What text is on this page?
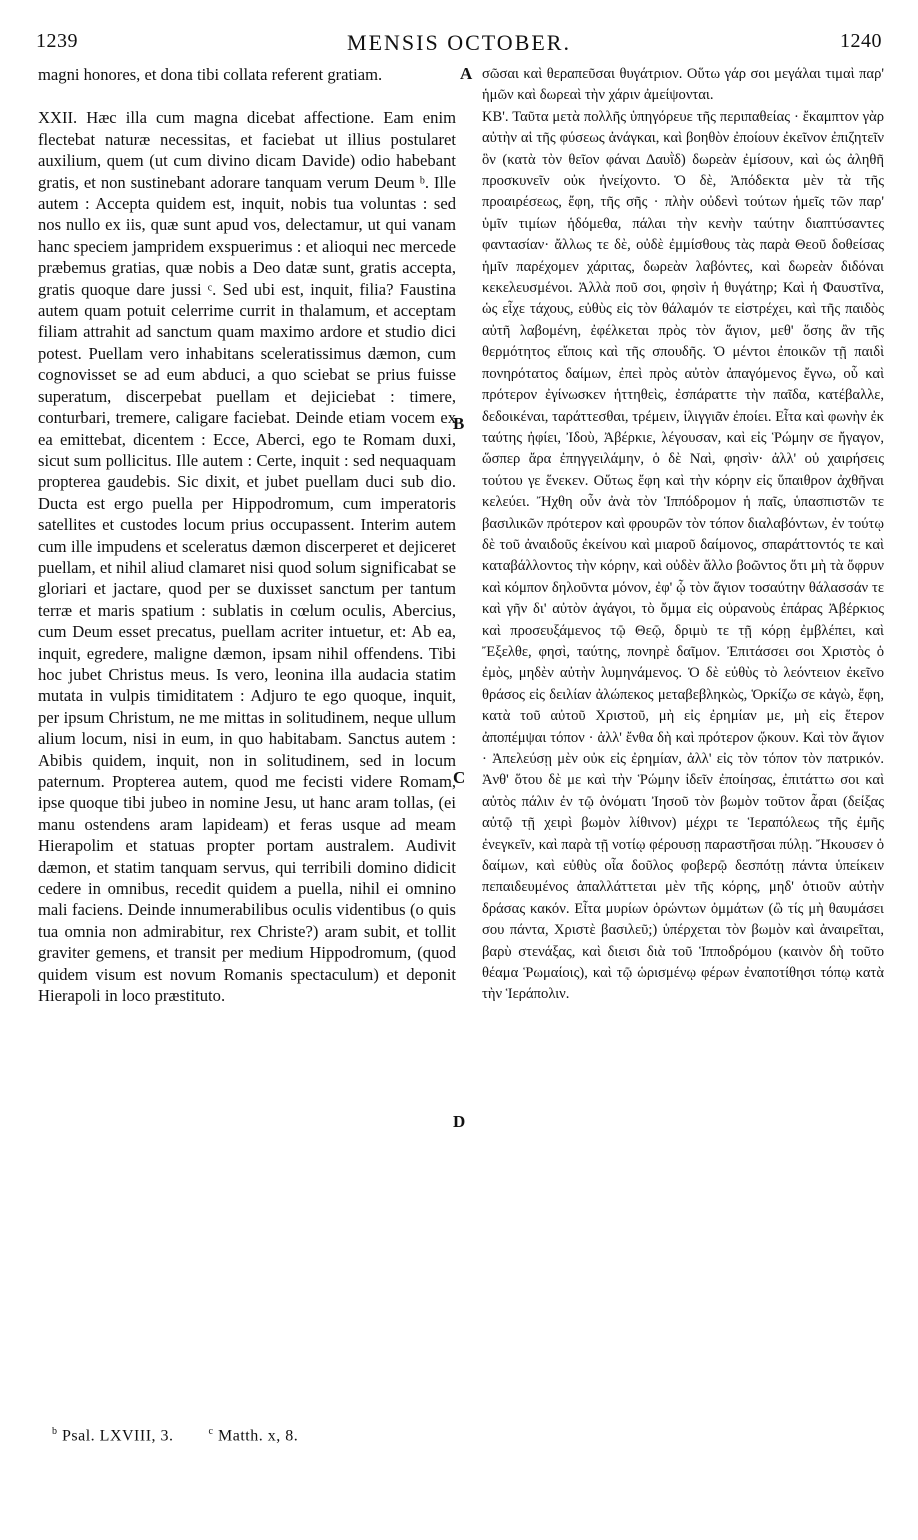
1239	MENSIS OCTOBER.	1240

magni honores, et dona tibi collata referent gratiam.

XXII. Hæc illa cum magna dicebat affectione. Eam enim flectebat naturæ necessitas, et faciebat ut illius postularet auxilium, quem (ut cum divino dicam Davide) odio habebant gratis, et non sustinebant adorare tanquam verum Deum ᵇ. Ille autem : Accepta quidem est, inquit, nobis tua voluntas : sed nos nullo ex iis, quæ sunt apud vos, delectamur, ut qui vanam hanc speciem jampridem exspuerimus : et alioqui nec mercede præbemus gratias, quæ nobis a Deo datæ sunt, gratis accepta, gratis quoque dare jussi ᶜ. Sed ubi est, inquit, filia? Faustina autem quam potuit celerrime currit in thalamum, et acceptam filiam attrahit ad sanctum quam maximo ardore et studio dici potest. Puellam vero inhabitans sceleratissimus dæmon, cum cognovisset se ad eum abduci, a quo sciebat se prius fuisse superatum, discerpebat puellam et dejiciebat : timere, conturbari, tremere, caligare faciebat. Deinde etiam vocem ex ea emittebat, dicentem : Ecce, Aberci, ego te Romam duxi, sicut sum pollicitus. Ille autem : Certe, inquit : sed nequaquam propterea gaudebis. Sic dixit, et jubet puellam duci sub dio. Ducta est ergo puella per Hippodromum, cum imperatoris satellites et custodes locum prius occupassent. Interim autem cum ille impudens et sceleratus dæmon discerperet et dejiceret puellam, et nihil aliud clamaret nisi quod solum significabat se gloriari et jactare, quod per se duxisset sanctum per tantum terræ et maris spatium : sublatis in cœlum oculis, Abercius, cum Deum esset precatus, puellam acriter intuetur, et: Ab ea, inquit, egredere, maligne dæmon, ipsam nihil offendens. Tibi hoc jubet Christus meus. Is vero, leonina illa audacia statim mutata in vulpis timiditatem : Adjuro te ego quoque, inquit, per ipsum Christum, ne me mittas in solitudinem, neque ullum alium locum, nisi in eum, in quo habitabam. Sanctus autem : Abibis quidem, inquit, non in solitudinem, sed in locum paternum. Propterea autem, quod me fecisti videre Romam, ipse quoque tibi jubeo in nomine Jesu, ut hanc aram tollas, (ei manu ostendens aram lapideam) et feras usque ad meam Hierapolim et statuas propter portam australem. Audivit dæmon, et statim tanquam servus, qui terribili domino didicit cedere in omnibus, recedit quidem a puella, nihil ei omnino mali faciens. Deinde innumerabilibus oculis videntibus (o quis tua omnia non admirabitur, rex Christe?) aram subit, et tollit graviter gemens, et transit per medium Hippodromum, (quod quidem visum est novum Romanis spectaculum) et deponit Hierapoli in loco præstituto.

A
B
C
D

σῶσαι καὶ θεραπεῦσαι θυγάτριον. Οὕτω γάρ σοι μεγάλαι τιμαὶ παρ' ἡμῶν καὶ δωρεαὶ τὴν χάριν ἀμείψονται.

ΚΒ'. Ταῦτα μετὰ πολλῆς ὑπηγόρευε τῆς περιπαθείας · ἔκαμπτον γὰρ αὐτὴν αἱ τῆς φύσεως ἀνάγκαι, καὶ βοηθὸν ἐποίουν ἐκεῖνον ἐπιζητεῖν ὃν (κατὰ τὸν θεῖον φάναι Δαυῒδ) δωρεὰν ἐμίσουν, καὶ ὡς ἀληθῆ προσκυνεῖν οὐκ ἠνείχοντο. Ὁ δὲ, Ἀπόδεκτα μὲν τὰ τῆς προαιρέσεως, ἔφη, τῆς σῆς · πλὴν οὐδενὶ τούτων ἡμεῖς τῶν παρ' ὑμῖν τιμίων ἡδόμεθα, πάλαι τὴν κενὴν ταύτην διαπτύσαντες φαντασίαν· ἄλλως τε δὲ, οὐδὲ ἐμμίσθους τὰς παρὰ Θεοῦ δοθείσας ἡμῖν παρέχομεν χάριτας, δωρεὰν λαβόντες, καὶ δωρεὰν διδόναι κεκελευσμένοι. Ἀλλὰ ποῦ σοι, φησὶν ἡ θυγάτηρ; Καὶ ἡ Φαυστῖνα, ὡς εἶχε τάχους, εὐθὺς εἰς τὸν θάλαμόν τε εἰστρέχει, καὶ τῆς παιδὸς αὐτῆ λαβομένη, ἐφέλκεται πρὸς τὸν ἅγιον, μεθ' ὅσης ἂν τῆς θερμότητος εἴποις καὶ τῆς σπουδῆς. Ὁ μέντοι ἐποικῶν τῇ παιδὶ πονηρότατος δαίμων, ἐπεὶ πρὸς αὐτὸν ἀπαγόμενος ἔγνω, οὗ καὶ πρότερον ἐγίνωσκεν ἡττηθεὶς, ἐσπάραττε τὴν παῖδα, κατέβαλλε, δεδοικέναι, ταράττεσθαι, τρέμειν, ἰλιγγιᾶν ἐποίει. Εἶτα καὶ φωνὴν ἐκ ταύτης ἠφίει, Ἰδοὺ, Ἀβέρκιε, λέγουσαν, καὶ εἰς Ῥώμην σε ἤγαγον, ὥσπερ ἄρα ἐπηγγειλάμην, ὁ δὲ Ναὶ, φησὶν· ἀλλ' οὐ χαιρήσεις τούτου γε ἕνεκεν. Οὕτως ἔφη καὶ τὴν κόρην εἰς ὕπαιθρον ἀχθῆναι κελεύει. Ἤχθη οὖν ἀνὰ τὸν Ἱππόδρομον ἡ παῖς, ὑπασπιστῶν τε βασιλικῶν πρότερον καὶ φρουρῶν τὸν τόπον διαλαβόντων, ἐν τούτῳ δὲ τοῦ ἀναιδοῦς ἐκείνου καὶ μιαροῦ δαίμονος, σπαράττοντός τε καὶ καταβάλλοντος τὴν κόρην, καὶ οὐδὲν ἄλλο βοῶντος ὅτι μὴ τὰ ὄφρυν καὶ κόμπον δηλοῦντα μόνον, ἐφ' ᾧ τὸν ἅγιον τοσαύτην θάλασσάν τε καὶ γῆν δι' αὐτὸν ἀγάγοι, τὸ ὄμμα εἰς οὐρανοὺς ἐπάρας Ἀβέρκιος καὶ προσευξάμενος τῷ Θεῷ, δριμὺ τε τῇ κόρῃ ἐμβλέπει, καὶ Ἔξελθε, φησὶ, ταύτης, πονηρὲ δαῖμον. Ἐπιτάσσει σοι Χριστὸς ὁ ἐμὸς, μηδὲν αὐτὴν λυμηνάμενος. Ὁ δὲ εὐθὺς τὸ λεόντειον ἐκεῖνο θράσος εἰς δειλίαν ἀλώπεκος μεταβεβληκὼς, Ὁρκίζω σε κἀγὼ, ἔφη, κατὰ τοῦ αὐτοῦ Χριστοῦ, μὴ εἰς ἐρημίαν με, μὴ εἰς ἕτερον ἀποπέμψαι τόπον · ἀλλ' ἔνθα δὴ καὶ πρότερον ᾤκουν. Καὶ τὸν ἅγιον · Ἀπελεύσῃ μὲν οὐκ εἰς ἐρημίαν, ἀλλ' εἰς τὸν τόπον τὸν πατρικόν. Ἀνθ' ὅτου δὲ με καὶ τὴν Ῥώμην ἰδεῖν ἐποίησας, ἐπιτάττω σοι καὶ αὐτὸς πάλιν ἐν τῷ ὀνόματι Ἰησοῦ τὸν βωμὸν τοῦτον ἆραι (δείξας αὐτῷ τῇ χειρὶ βωμὸν λίθινον) μέχρι τε Ἱεραπόλεως τῆς ἐμῆς ἐνεγκεῖν, καὶ παρὰ τῇ νοτίῳ φέρουσῃ παραστῆσαι πύλῃ. Ἤκουσεν ὁ δαίμων, καὶ εὐθὺς οἷα δοῦλος φοβερῷ δεσπότῃ πάντα ὑπείκειν πεπαιδευμένος ἀπαλλάττεται μὲν τῆς κόρης, μηδ' ὁτιοῦν αὐτὴν δράσας κακόν. Εἶτα μυρίων ὁρώντων ὀμμάτων (ὢ τίς μὴ θαυμάσει σου πάντα, Χριστὲ βασιλεῦ;) ὑπέρχεται τὸν βωμὸν καὶ ἀναιρεῖται, βαρὺ στενάξας, καὶ διεισι διὰ τοῦ Ἱπποδρόμου (καινὸν δὴ τοῦτο θέαμα Ῥωμαίοις), καὶ τῷ ὡρισμένῳ φέρων ἐναποτίθησι τόπῳ κατὰ τὴν Ἱεράπολιν.

$^b$ Psal. LXVIII, 3.	$^c$ Matth. x, 8.
